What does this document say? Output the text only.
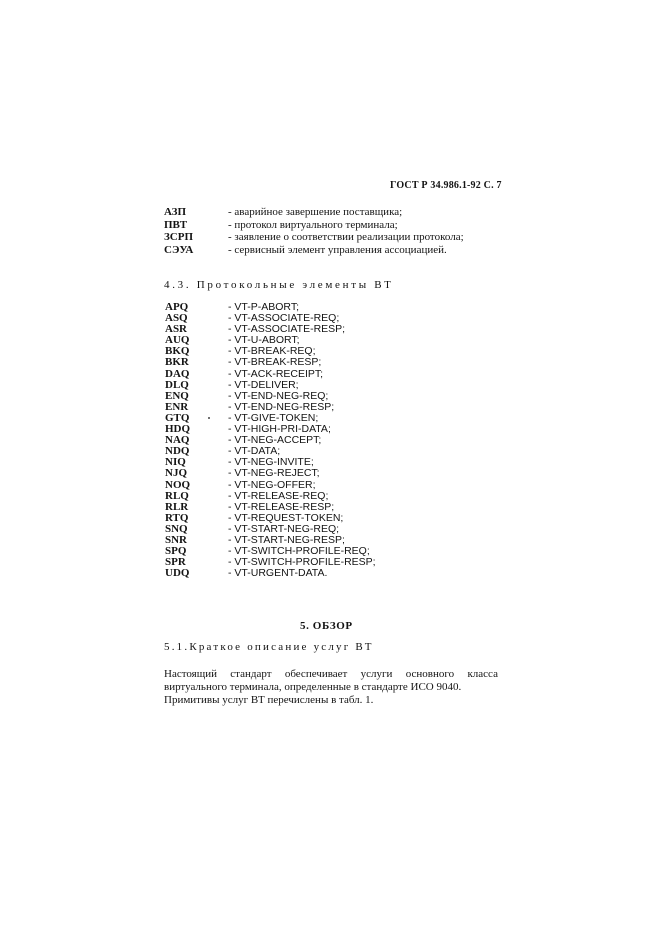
ГОСТ Р 34.986.1-92 С. 7
АЗП	- аварийное завершение поставщика;
ПВТ	- протокол виртуального терминала;
ЗСРП	- заявление о соответствии реализации протокола;
СЭУА	- сервисный элемент управления ассоциацией.
4.3. Протокольные элементы ВТ
APQ	- VT-P-ABORT;
ASQ	- VT-ASSOCIATE-REQ;
ASR	- VT-ASSOCIATE-RESP;
AUQ	- VT-U-ABORT;
BKQ	- VT-BREAK-REQ;
BKR	- VT-BREAK-RESP;
DAQ	- VT-ACK-RECEIPT;
DLQ	- VT-DELIVER;
ENQ	- VT-END-NEG-REQ;
ENR	- VT-END-NEG-RESP;
GTQ	- VT-GIVE-TOKEN;
HDQ	- VT-HIGH-PRI-DATA;
NAQ	- VT-NEG-ACCEPT;
NDQ	- VT-DATA;
NIQ	- VT-NEG-INVITE;
NJQ	- VT-NEG-REJECT;
NOQ	- VT-NEG-OFFER;
RLQ	- VT-RELEASE-REQ;
RLR	- VT-RELEASE-RESP;
RTQ	- VT-REQUEST-TOKEN;
SNQ	- VT-START-NEG-REQ;
SNR	- VT-START-NEG-RESP;
SPQ	- VT-SWITCH-PROFILE-REQ;
SPR	- VT-SWITCH-PROFILE-RESP;
UDQ	- VT-URGENT-DATA.
5. ОБЗОР
5.1.Краткое описание услуг ВТ
Настоящий стандарт обеспечивает услуги основного класса
виртуального терминала, определенные в стандарте ИСО 9040.
Примитивы услуг ВТ перечислены в табл. 1.
